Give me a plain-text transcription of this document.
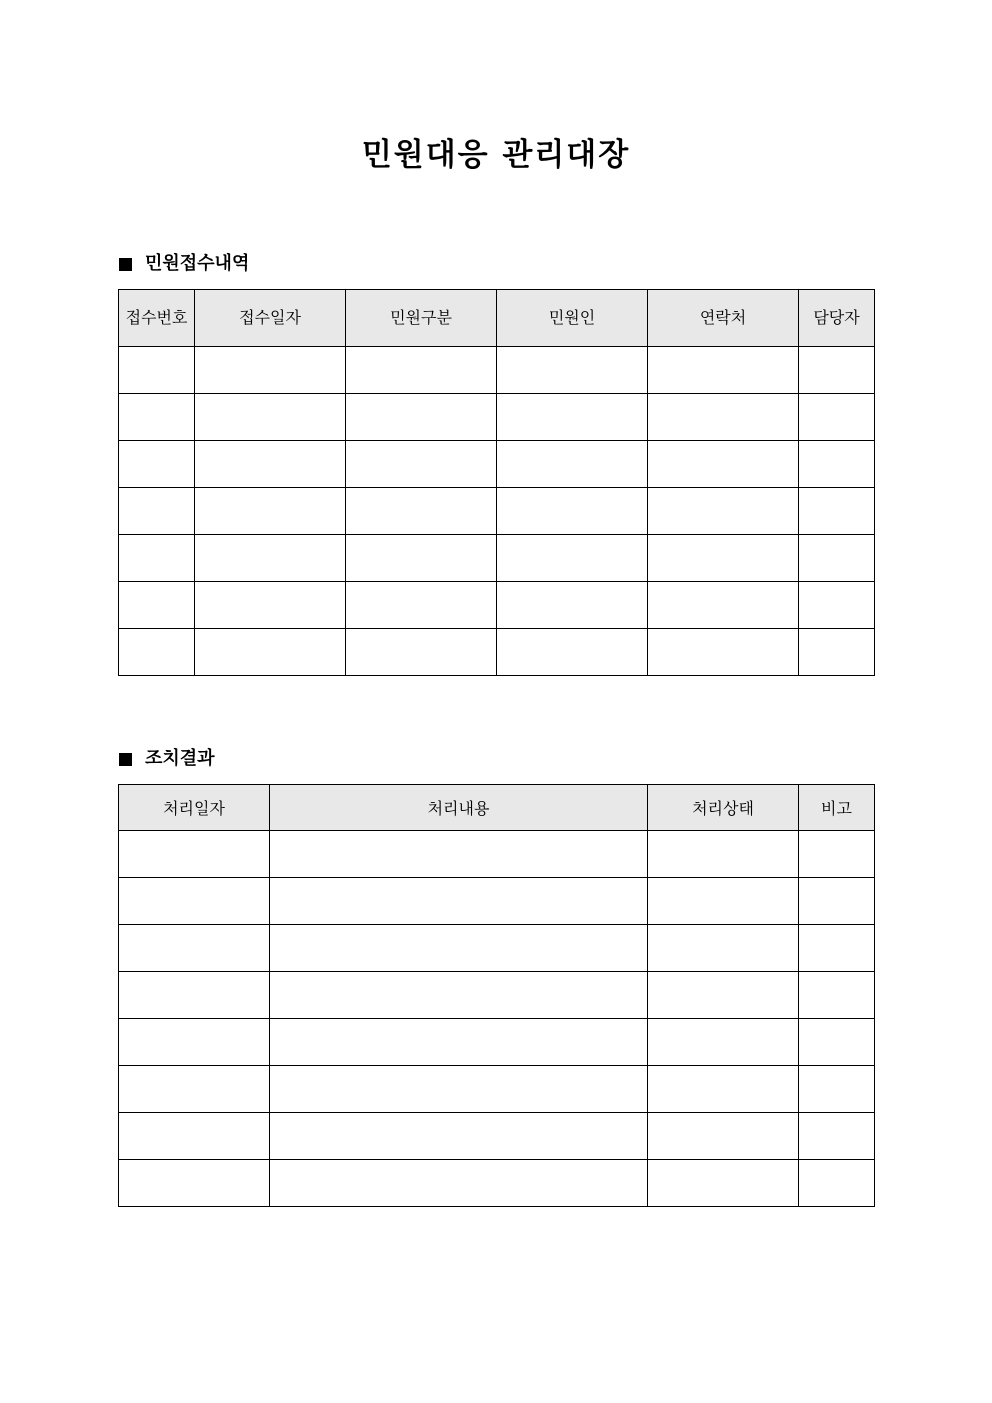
민원대응 관리대장
민원접수내역
접수번호	접수일자	민원구분	민원인	연락처	담당자

조치결과
처리일자	처리내용	처리상태	비고
